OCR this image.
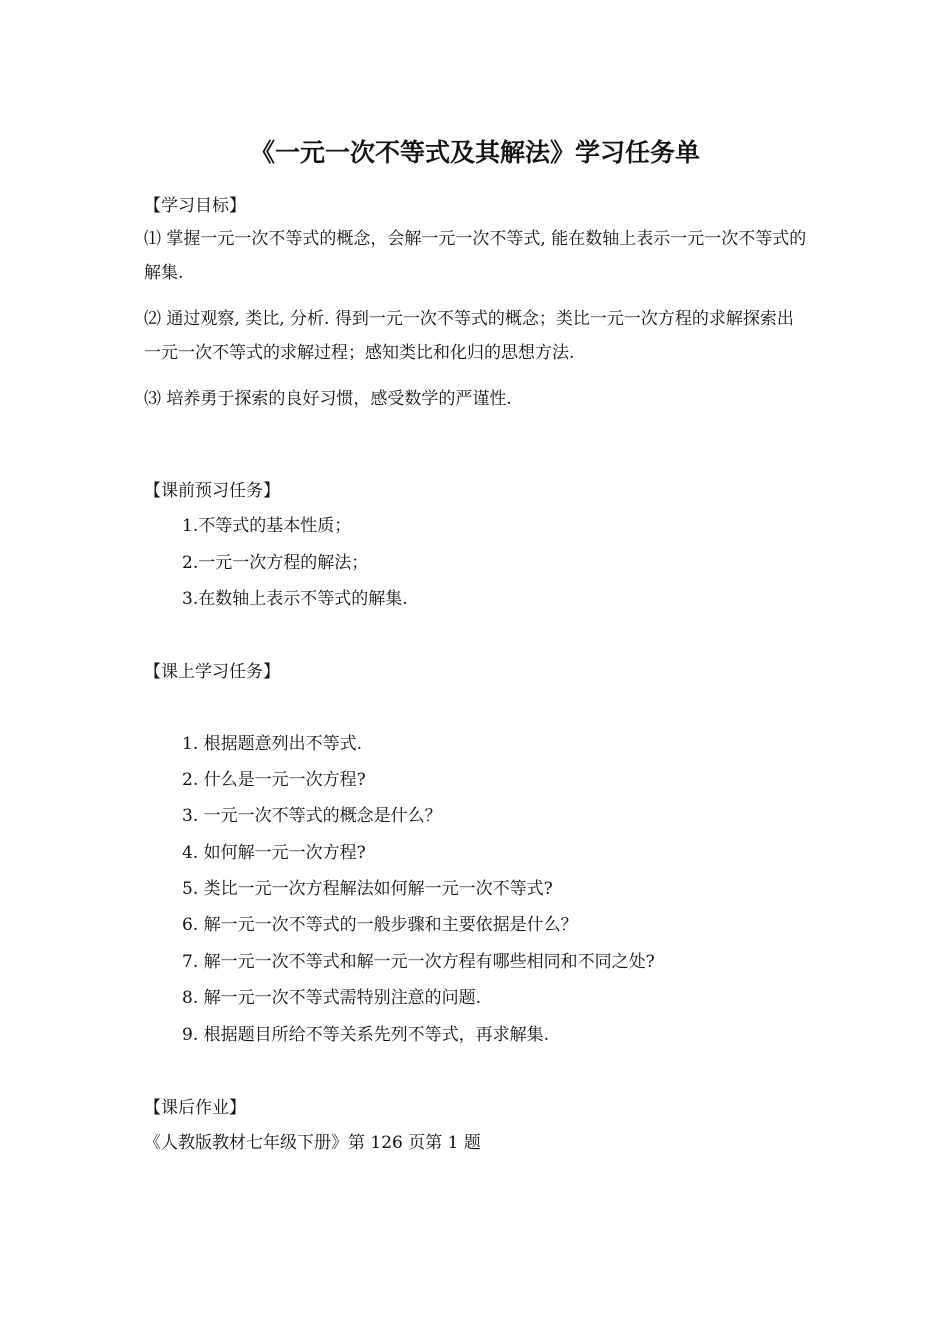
《一元一次不等式及其解法》学习任务单
【学习目标】
⑴ 掌握一元一次不等式的概念，会解一元一次不等式, 能在数轴上表示一元一次不等式的解集.
⑵ 通过观察, 类比, 分析. 得到一元一次不等式的概念；类比一元一次方程的求解探索出一元一次不等式的求解过程；感知类比和化归的思想方法.
⑶ 培养勇于探索的良好习惯，感受数学的严谨性.
【课前预习任务】
1.不等式的基本性质；
2.一元一次方程的解法；
3.在数轴上表示不等式的解集.
【课上学习任务】
1. 根据题意列出不等式.
2. 什么是一元一次方程?
3. 一元一次不等式的概念是什么？
4. 如何解一元一次方程?
5. 类比一元一次方程解法如何解一元一次不等式?
6. 解一元一次不等式的一般步骤和主要依据是什么？
7. 解一元一次不等式和解一元一次方程有哪些相同和不同之处?
8. 解一元一次不等式需特别注意的问题.
9. 根据题目所给不等关系先列不等式，再求解集.
【课后作业】
《人教版教材七年级下册》第 126 页第 1 题
